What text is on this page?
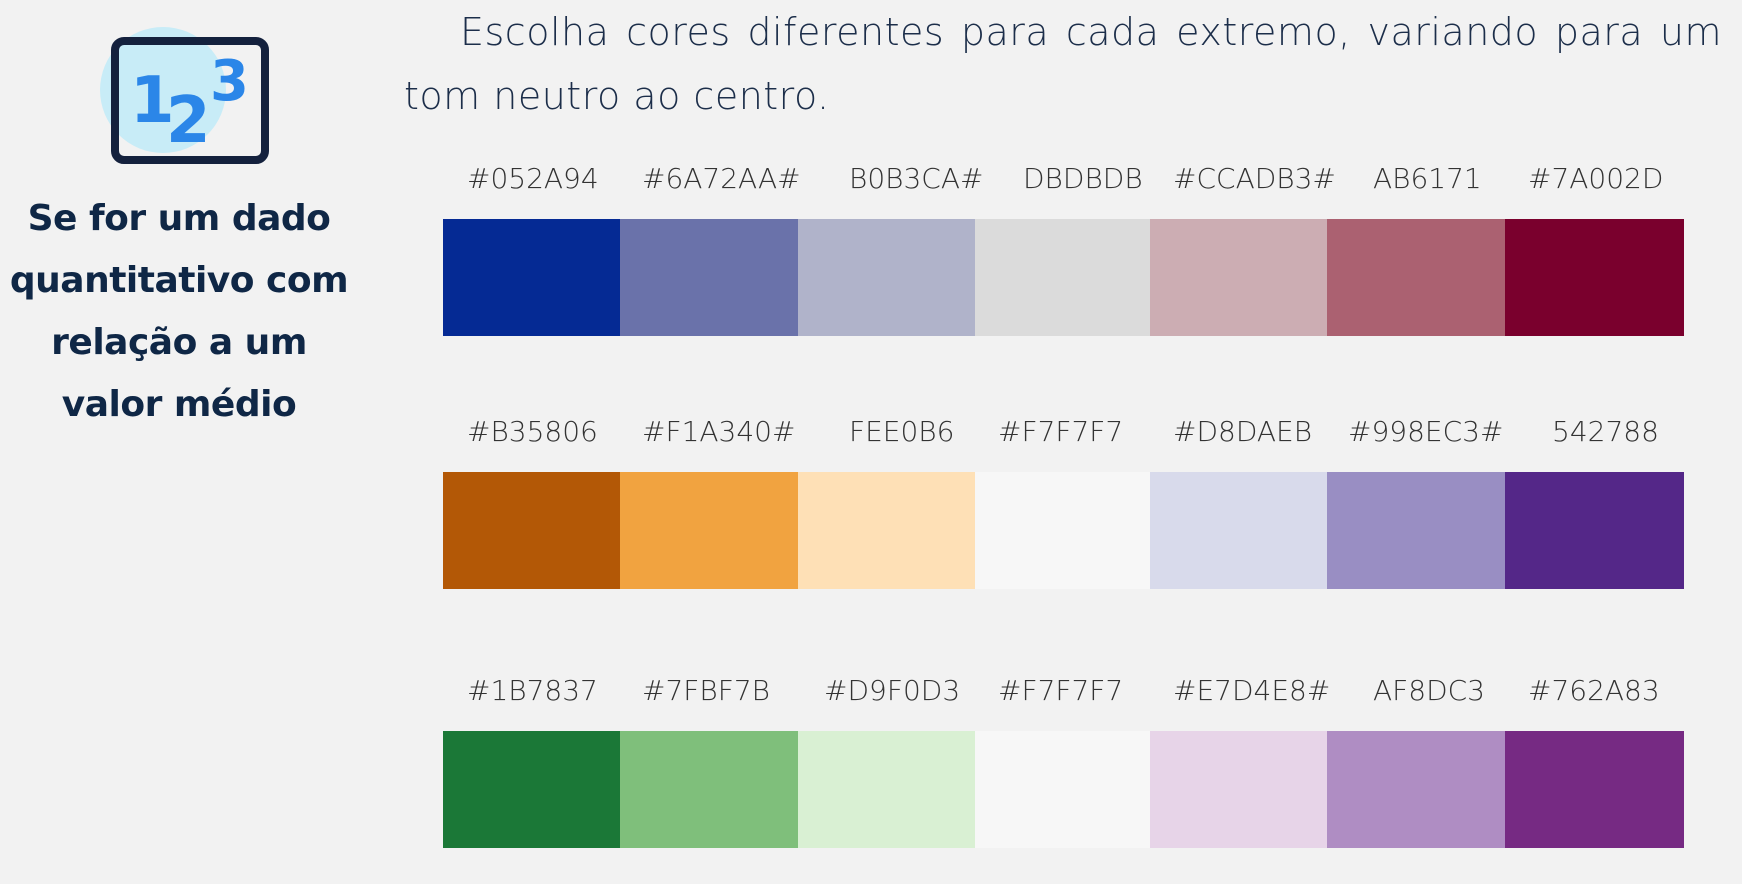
1
2
3
Se for um dado
quantitativo com
relação a um
valor médio
Escolha cores diferentes para cada extremo, variando para um tom neutro ao centro.
#052A94 #6A72AA# B0B3CA# DBDBDB #CCADB3# AB6171 #7A002D
#B35806 #F1A340# FEE0B6 #F7F7F7 #D8DAEB #998EC3# 542788
#1B7837 #7FBF7B #D9F0D3 #F7F7F7 #E7D4E8# AF8DC3 #762A83
